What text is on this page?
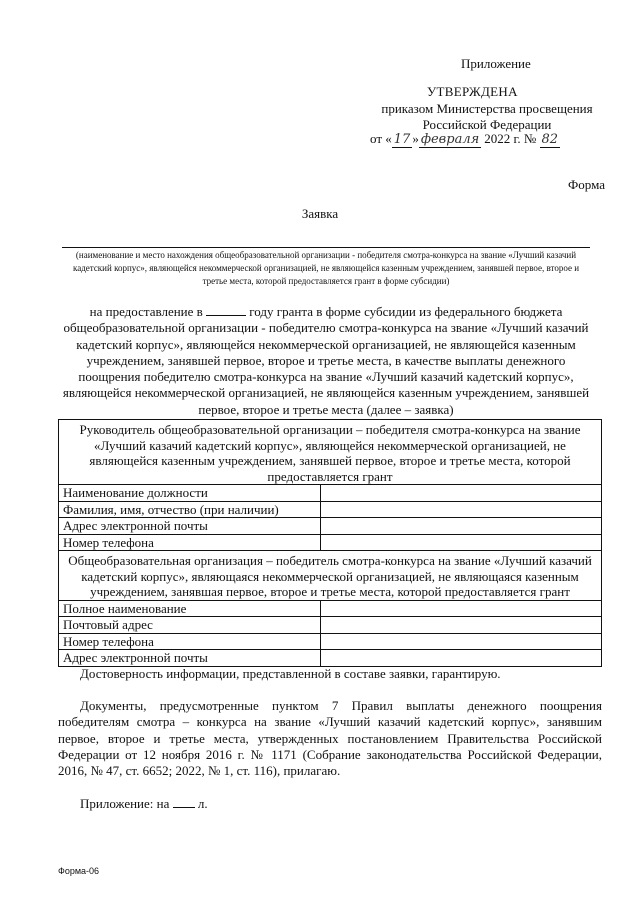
Приложение
УТВЕРЖДЕНА
приказом Министерства просвещения
Российской Федерации
от « 17 » февраля 2022 г. № 82
Форма
Заявка
(наименование и место нахождения общеобразовательной организации - победителя смотра-конкурса на звание «Лучший казачий кадетский корпус», являющейся некоммерческой организацией, не являющейся казенным учреждением, занявшей первое, второе и третье места, которой предоставляется грант в форме субсидии)
на предоставление в	году гранта в форме субсидии из федерального бюджета общеобразовательной организации - победителю смотра-конкурса на звание «Лучший казачий кадетский корпус», являющейся некоммерческой организацией, не являющейся казенным учреждением, занявшей первое, второе и третье места, в качестве выплаты денежного поощрения победителю смотра-конкурса на звание «Лучший казачий кадетский корпус», являющейся некоммерческой организацией, не являющейся казенным учреждением, занявшей первое, второе и третье места (далее – заявка)
Руководитель общеобразовательной организации – победителя смотра-конкурса на звание «Лучший казачий кадетский корпус», являющейся некоммерческой организацией, не являющейся казенным учреждением, занявшей первое, второе и третье места, которой предоставляется грант	
Наименование должности	
Фамилия, имя, отчество (при наличии)	
Адрес электронной почты	
Номер телефона	
Общеобразовательная организация – победитель смотра-конкурса на звание «Лучший казачий кадетский корпус», являющаяся некоммерческой организацией, не являющаяся казенным учреждением, занявшая первое, второе и третье места, которой предоставляется грант	
Полное наименование	
Почтовый адрес	
Номер телефона	
Адрес электронной почты	
Достоверность информации, представленной в составе заявки, гарантирую.
Документы, предусмотренные пунктом 7 Правил выплаты денежного поощрения победителям смотра – конкурса на звание «Лучший казачий кадетский корпус», занявшим первое, второе и третье места, утвержденных постановлением Правительства Российской Федерации от 12 ноября 2016 г. № 1171 (Собрание законодательства Российской Федерации, 2016, № 47, ст. 6652; 2022, № 1, ст. 116), прилагаю.
Приложение: на л.
Форма-06
